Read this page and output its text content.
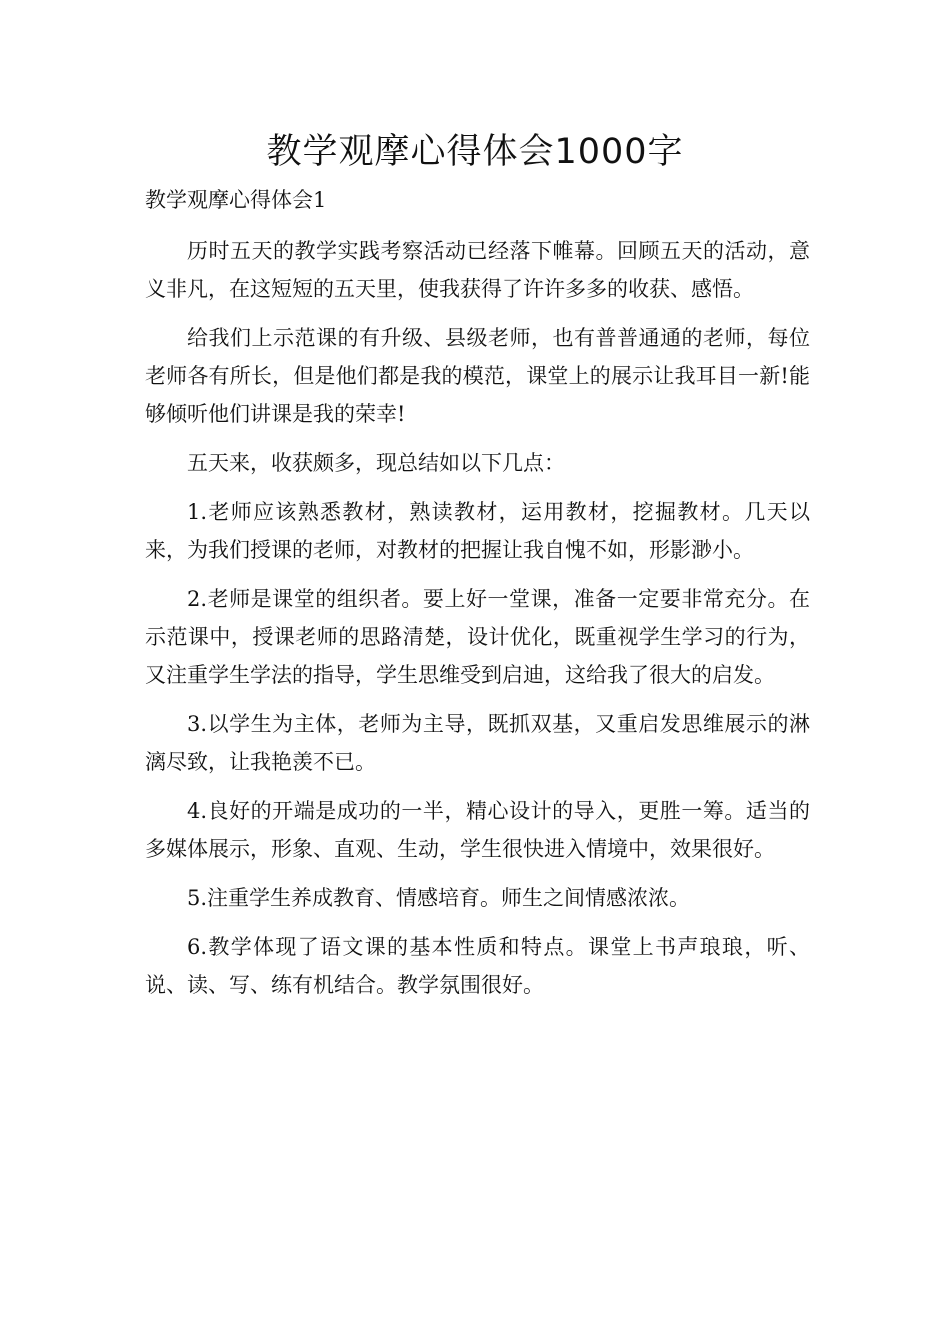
教学观摩心得体会1000字

教学观摩心得体会1

历时五天的教学实践考察活动已经落下帷幕。回顾五天的活动，意义非凡，在这短短的五天里，使我获得了许许多多的收获、感悟。

给我们上示范课的有升级、县级老师，也有普普通通的老师，每位老师各有所长，但是他们都是我的模范，课堂上的展示让我耳目一新!能够倾听他们讲课是我的荣幸!

五天来，收获颇多，现总结如以下几点：

1.老师应该熟悉教材，熟读教材，运用教材，挖掘教材。几天以来，为我们授课的老师，对教材的把握让我自愧不如，形影渺小。

2.老师是课堂的组织者。要上好一堂课，准备一定要非常充分。在示范课中，授课老师的思路清楚，设计优化，既重视学生学习的行为，又注重学生学法的指导，学生思维受到启迪，这给我了很大的启发。

3.以学生为主体，老师为主导，既抓双基，又重启发思维展示的淋漓尽致，让我艳羡不已。

4.良好的开端是成功的一半，精心设计的导入，更胜一筹。适当的多媒体展示，形象、直观、生动，学生很快进入情境中，效果很好。

5.注重学生养成教育、情感培育。师生之间情感浓浓。

6.教学体现了语文课的基本性质和特点。课堂上书声琅琅，听、说、读、写、练有机结合。教学氛围很好。
